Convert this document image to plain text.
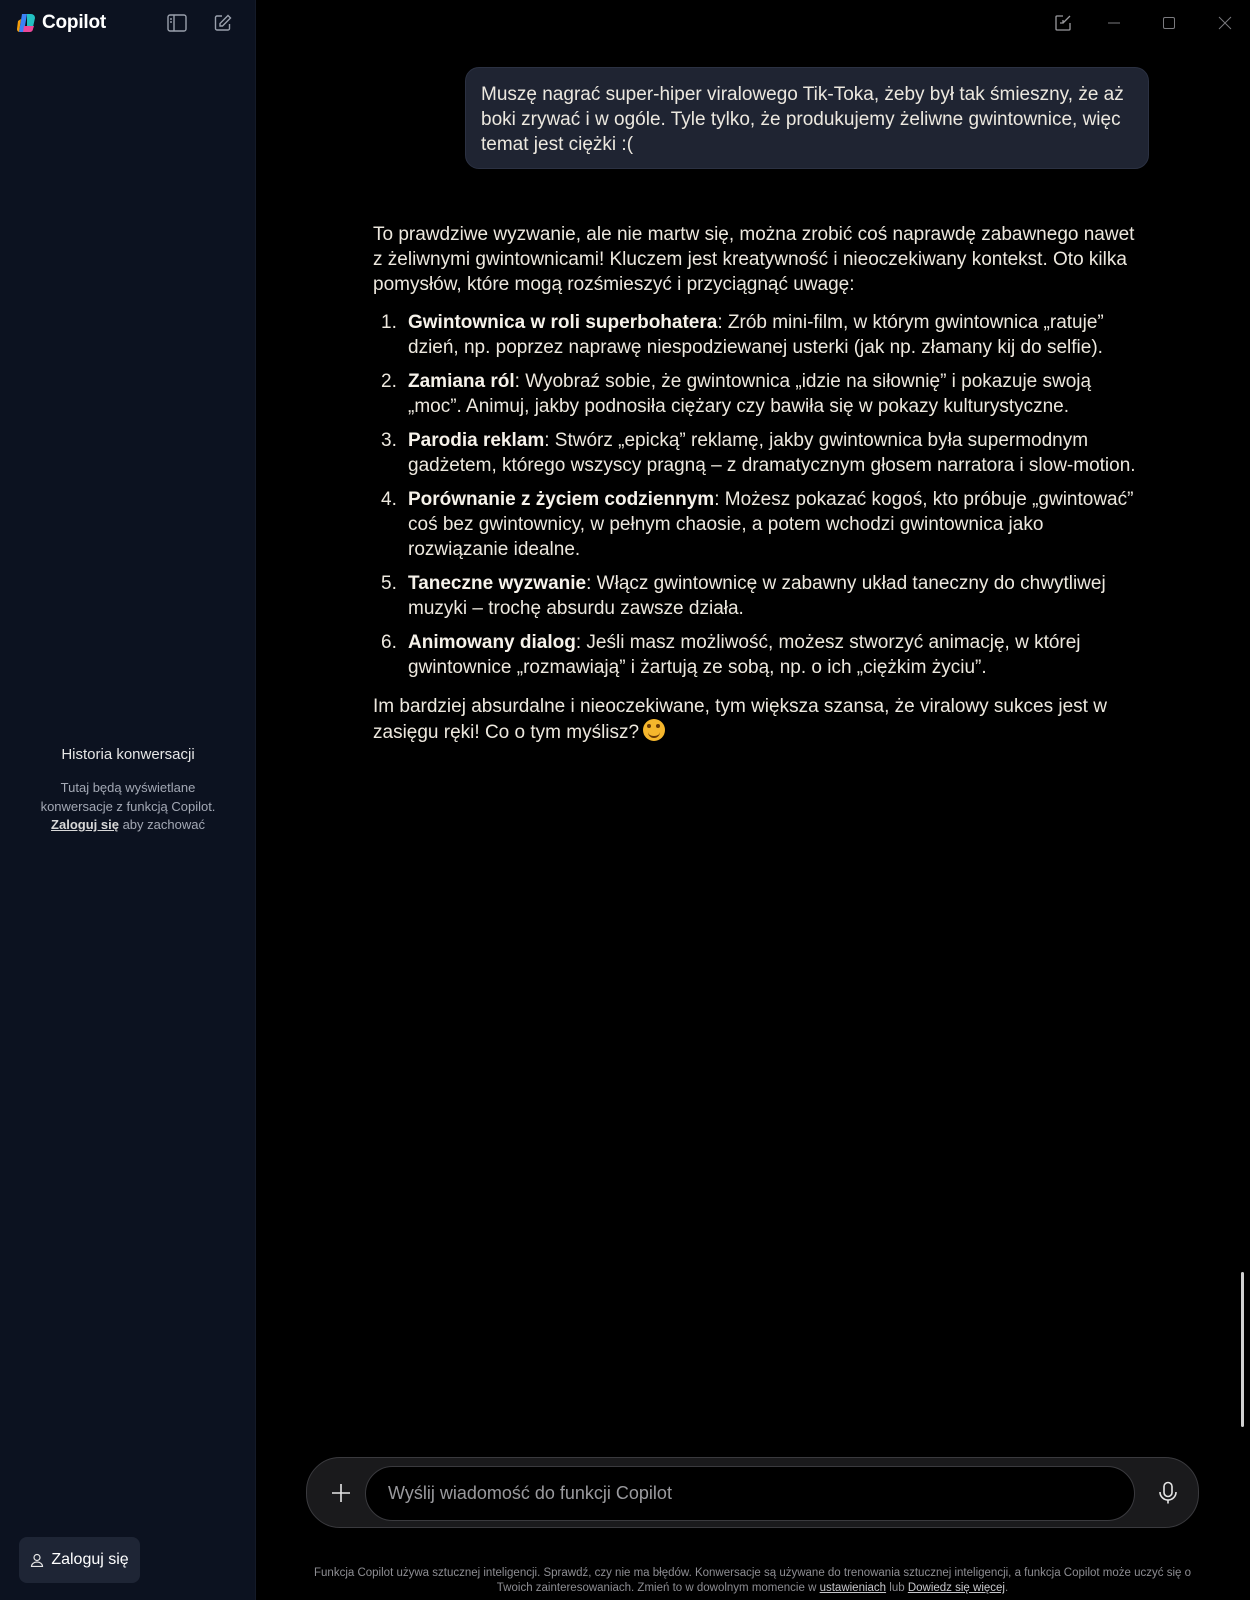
Copilot
Historia konwersacji
Tutaj będą wyświetlane konwersacje z funkcją Copilot.
Zaloguj się aby zachować
Zaloguj się
Muszę nagrać super-hiper viralowego Tik-Toka, żeby był tak śmieszny, że aż boki zrywać i w ogóle. Tyle tylko, że produkujemy żeliwne gwintownice, więc temat jest ciężki :(

To prawdziwe wyzwanie, ale nie martw się, można zrobić coś naprawdę zabawnego nawet z żeliwnymi gwintownicami! Kluczem jest kreatywność i nieoczekiwany kontekst. Oto kilka pomysłów, które mogą rozśmieszyć i przyciągnąć uwagę:

1. Gwintownica w roli superbohatera: Zrób mini-film, w którym gwintownica „ratuje” dzień, np. poprzez naprawę niespodziewanej usterki (jak np. złamany kij do selfie).
2. Zamiana ról: Wyobraź sobie, że gwintownica „idzie na siłownię” i pokazuje swoją „moc”. Animuj, jakby podnosiła ciężary czy bawiła się w pokazy kulturystyczne.
3. Parodia reklam: Stwórz „epicką” reklamę, jakby gwintownica była supermodnym gadżetem, którego wszyscy pragną – z dramatycznym głosem narratora i slow-motion.
4. Porównanie z życiem codziennym: Możesz pokazać kogoś, kto próbuje „gwintować” coś bez gwintownicy, w pełnym chaosie, a potem wchodzi gwintownica jako rozwiązanie idealne.
5. Taneczne wyzwanie: Włącz gwintownicę w zabawny układ taneczny do chwytliwej muzyki – trochę absurdu zawsze działa.
6. Animowany dialog: Jeśli masz możliwość, możesz stworzyć animację, w której gwintownice „rozmawiają” i żartują ze sobą, np. o ich „ciężkim życiu”.

Im bardziej absurdalne i nieoczekiwane, tym większa szansa, że viralowy sukces jest w zasięgu ręki! Co o tym myślisz?

Wyślij wiadomość do funkcji Copilot
Funkcja Copilot używa sztucznej inteligencji. Sprawdź, czy nie ma błędów. Konwersacje są używane do trenowania sztucznej inteligencji, a funkcja Copilot może uczyć się o Twoich zainteresowaniach. Zmień to w dowolnym momencie w ustawieniach lub Dowiedz się więcej.
